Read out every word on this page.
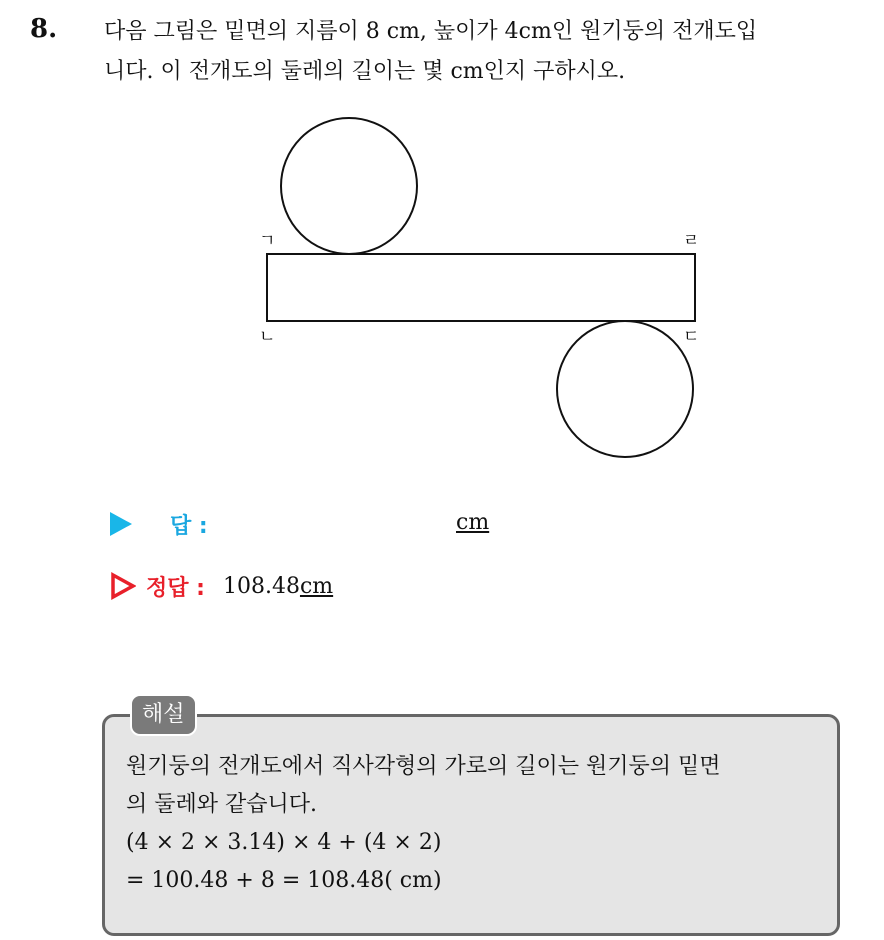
8. 다음 그림은 밑면의 지름이 8 cm, 높이가 4cm인 원기둥의 전개도입
니다. 이 전개도의 둘레의 길이는 몇 cm인지 구하시오.
ㄱ	ㄹ
ㄴ	ㄷ
답 :	cm
정답 : 108.48 cm
해설
원기둥의 전개도에서 직사각형의 가로의 길이는 원기둥의 밑면
의 둘레와 같습니다.
(4 × 2 × 3.14) × 4 + (4 × 2)
= 100.48 + 8 = 108.48( cm)
